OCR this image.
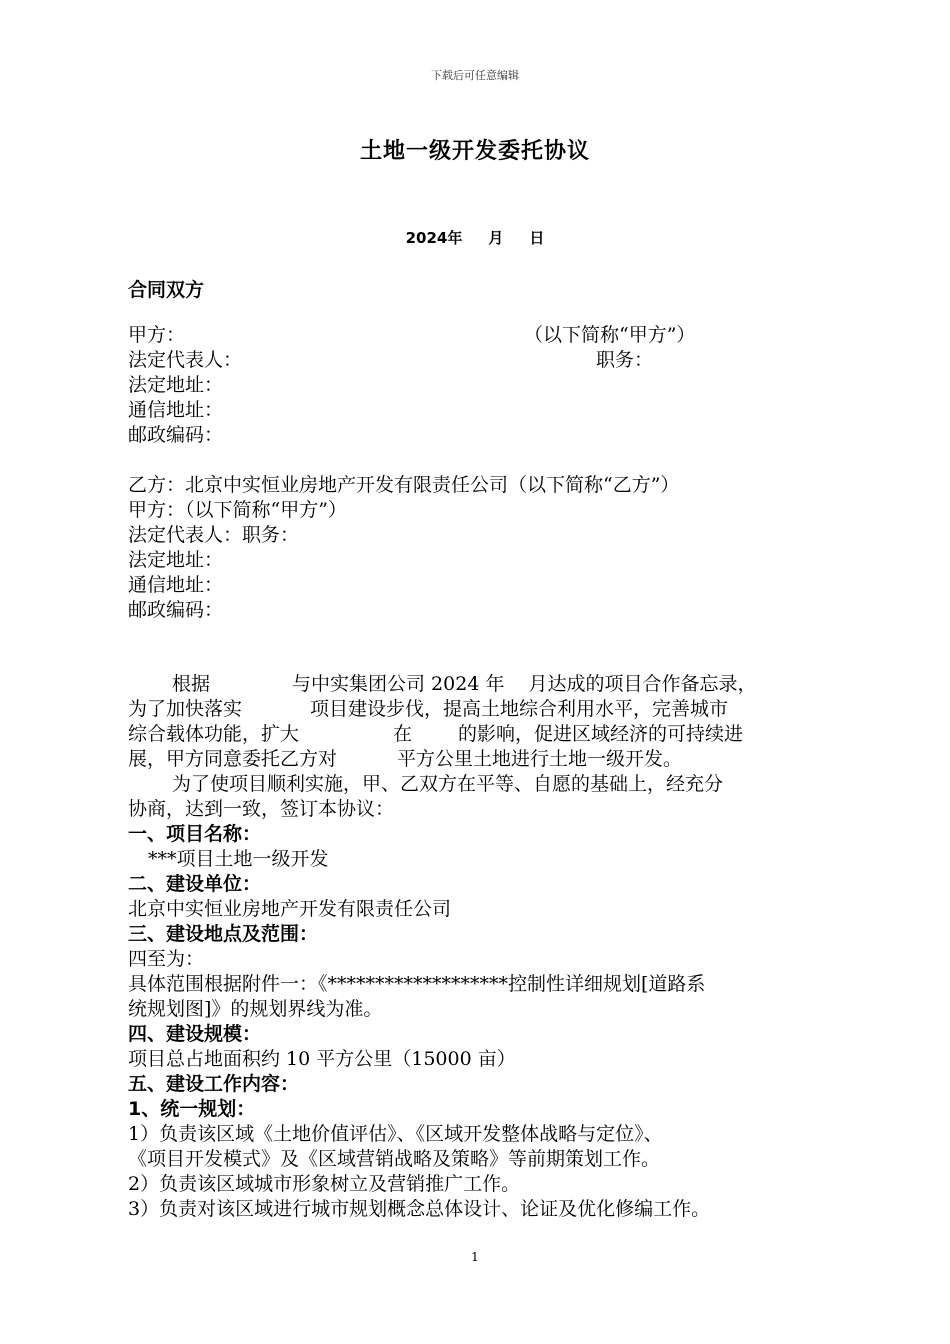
下载后可任意编辑
土地一级开发委托协议
2024年 月 日
合同双方
甲方：	（以下简称“甲方”）
法定代表人：	职务：
法定地址：
通信地址：
邮政编码：
乙方：北京中实恒业房地产开发有限责任公司（以下简称“乙方”）
甲方：（以下简称“甲方”）
法定代表人：职务：
法定地址：
通信地址：
邮政编码：
根据	与中实集团公司 2024 年 月达成的项目合作备忘录，
为了加快落实	项目建设步伐，提高土地综合利用水平，完善城市
综合载体功能，扩大	在 的影响，促进区域经济的可持续进
展，甲方同意委托乙方对	平方公里土地进行土地一级开发。
为了使项目顺利实施，甲、乙双方在平等、自愿的基础上，经充分
协商，达到一致，签订本协议：
一、项目名称：
***项目土地一级开发
二、建设单位：
北京中实恒业房地产开发有限责任公司
三、建设地点及范围：
四至为：
具体范围根据附件一：《*******************控制性详细规划[道路系
统规划图]》的规划界线为准。
四、建设规模：
项目总占地面积约 10 平方公里（15000 亩）
五、建设工作内容：
1、统一规划：
1）负责该区域《土地价值评估》、《区域开发整体战略与定位》、
《项目开发模式》及《区域营销战略及策略》等前期策划工作。
2）负责该区域城市形象树立及营销推广工作。
3）负责对该区域进行城市规划概念总体设计、论证及优化修编工作。
1
